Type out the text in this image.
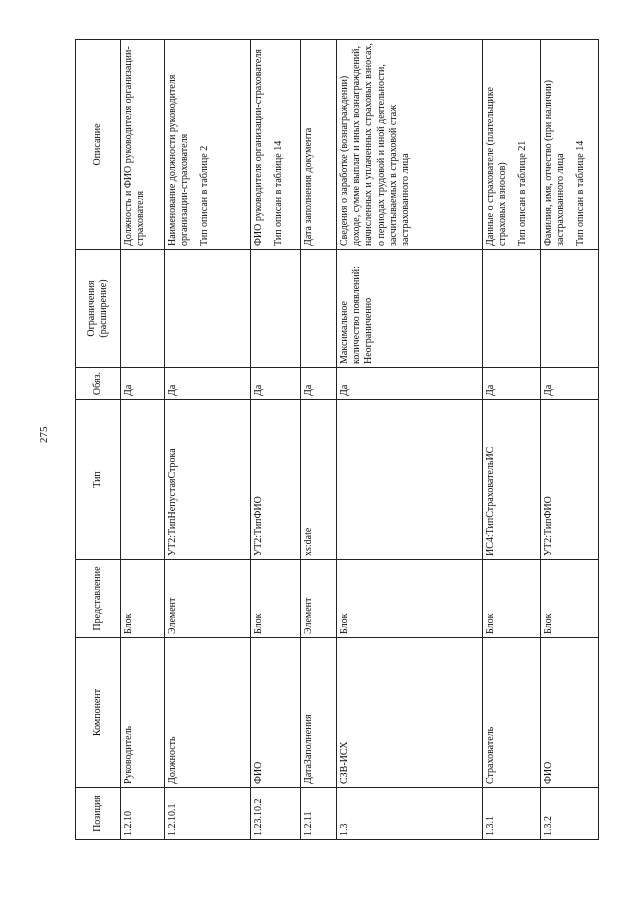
275
Позиция	Компонент	Представление	Тип	Обяз.	Ограничения (расширение)	Описание
1.2.10	Руководитель	Блок		Да		Должность и ФИО руководителя организации-страхователя

1.2.10.1	Должность	Элемент	УТ2:ТипНепустаяСтрока	Да		Наименование должности руководителя организации-страхователя Тип описан в таблице 2

1.23.10.2	ФИО	Блок	УТ2:ТипФИО	Да		ФИО руководителя организации-страхователя Тип описан в таблице 14

1.2.11	ДатаЗаполнения	Элемент	xs:date	Да		Дата заполнения документа

1.3	СЗВ-ИСХ	Блок		Да	Максимальное количество появлений: Неограниченно	Сведения о заработке (вознаграждении) доходе, сумме выплат и иных вознаграждений, начисленных и уплаченных страховых взносах, о периодах трудовой и иной деятельности, засчитываемых в страховой стаж застрахованного лица

1.3.1	Страхователь	Блок	ИС4:ТипСтраховательИС	Да		Данные о страхователе (плательщике страховых взносов) Тип описан в таблице 21

1.3.2	ФИО	Блок	УТ2:ТипФИО	Да		Фамилия, имя, отчество (при наличии) застрахованного лица Тип описан в таблице 14
